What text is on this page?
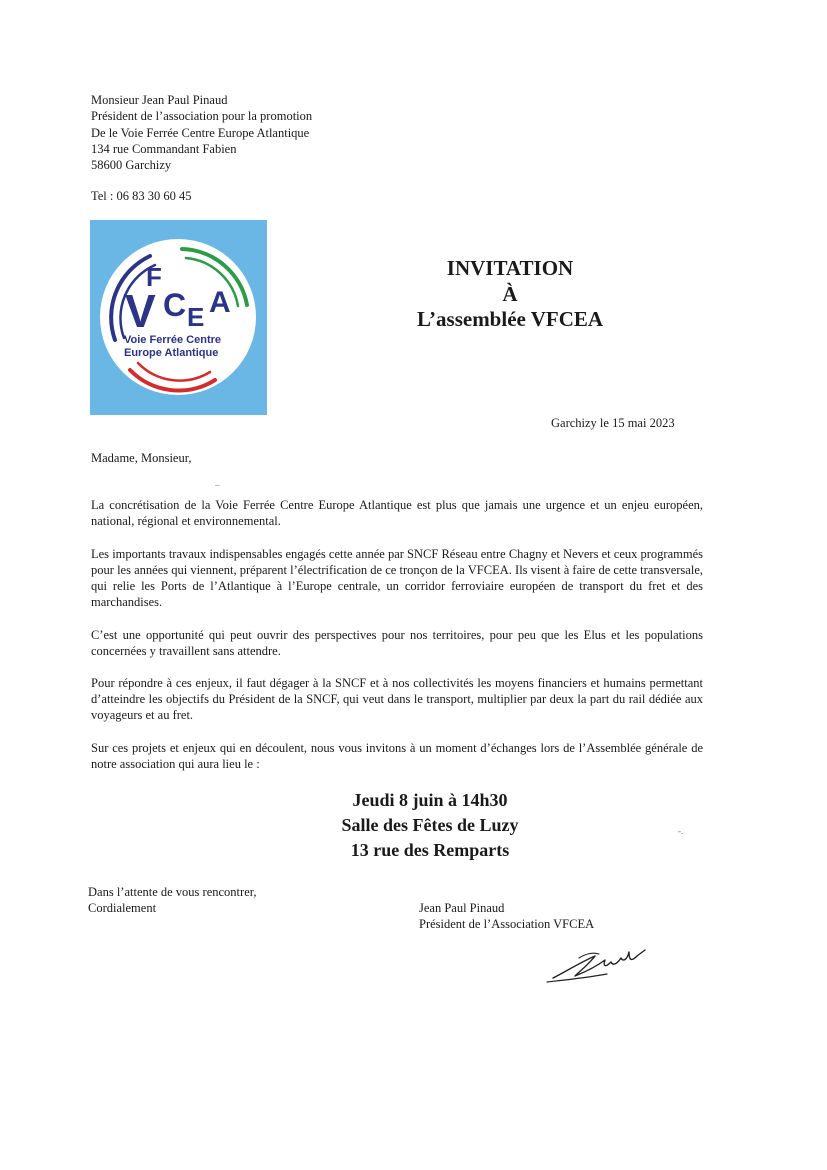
Monsieur Jean Paul Pinaud
Président de l’association pour la promotion
De le Voie Ferrée Centre Europe Atlantique
134 rue Commandant Fabien
58600 Garchizy
Tel : 06 83 30 60 45
F
V C E A
Voie Ferrée Centre
Europe Atlantique
INVITATION
À
L’assemblée VFCEA
Garchizy le 15 mai 2023
Madame, Monsieur,
La concrétisation de la Voie Ferrée Centre Europe Atlantique est plus que jamais une urgence et un enjeu européen, national, régional et environnemental.
Les importants travaux indispensables engagés cette année par SNCF Réseau entre Chagny et Nevers et ceux programmés pour les années qui viennent, préparent l’électrification de ce tronçon de la VFCEA. Ils visent à faire de cette transversale, qui relie les Ports de l’Atlantique à l’Europe centrale, un corridor ferroviaire européen de transport du fret et des marchandises.
C’est une opportunité qui peut ouvrir des perspectives pour nos territoires, pour peu que les Elus et les populations concernées y travaillent sans attendre.
Pour répondre à ces enjeux, il faut dégager à la SNCF et à nos collectivités les moyens financiers et humains permettant d’atteindre les objectifs du Président de la SNCF, qui veut dans le transport, multiplier par deux la part du rail dédiée aux voyageurs et au fret.
Sur ces projets et enjeux qui en découlent, nous vous invitons à un moment d’échanges lors de l’Assemblée générale de notre association qui aura lieu le :
Jeudi 8 juin à 14h30
Salle des Fêtes de Luzy
13 rue des Remparts
Dans l’attente de vous rencontrer,
Cordialement	Jean Paul Pinaud
Président de l’Association VFCEA
–
-.
